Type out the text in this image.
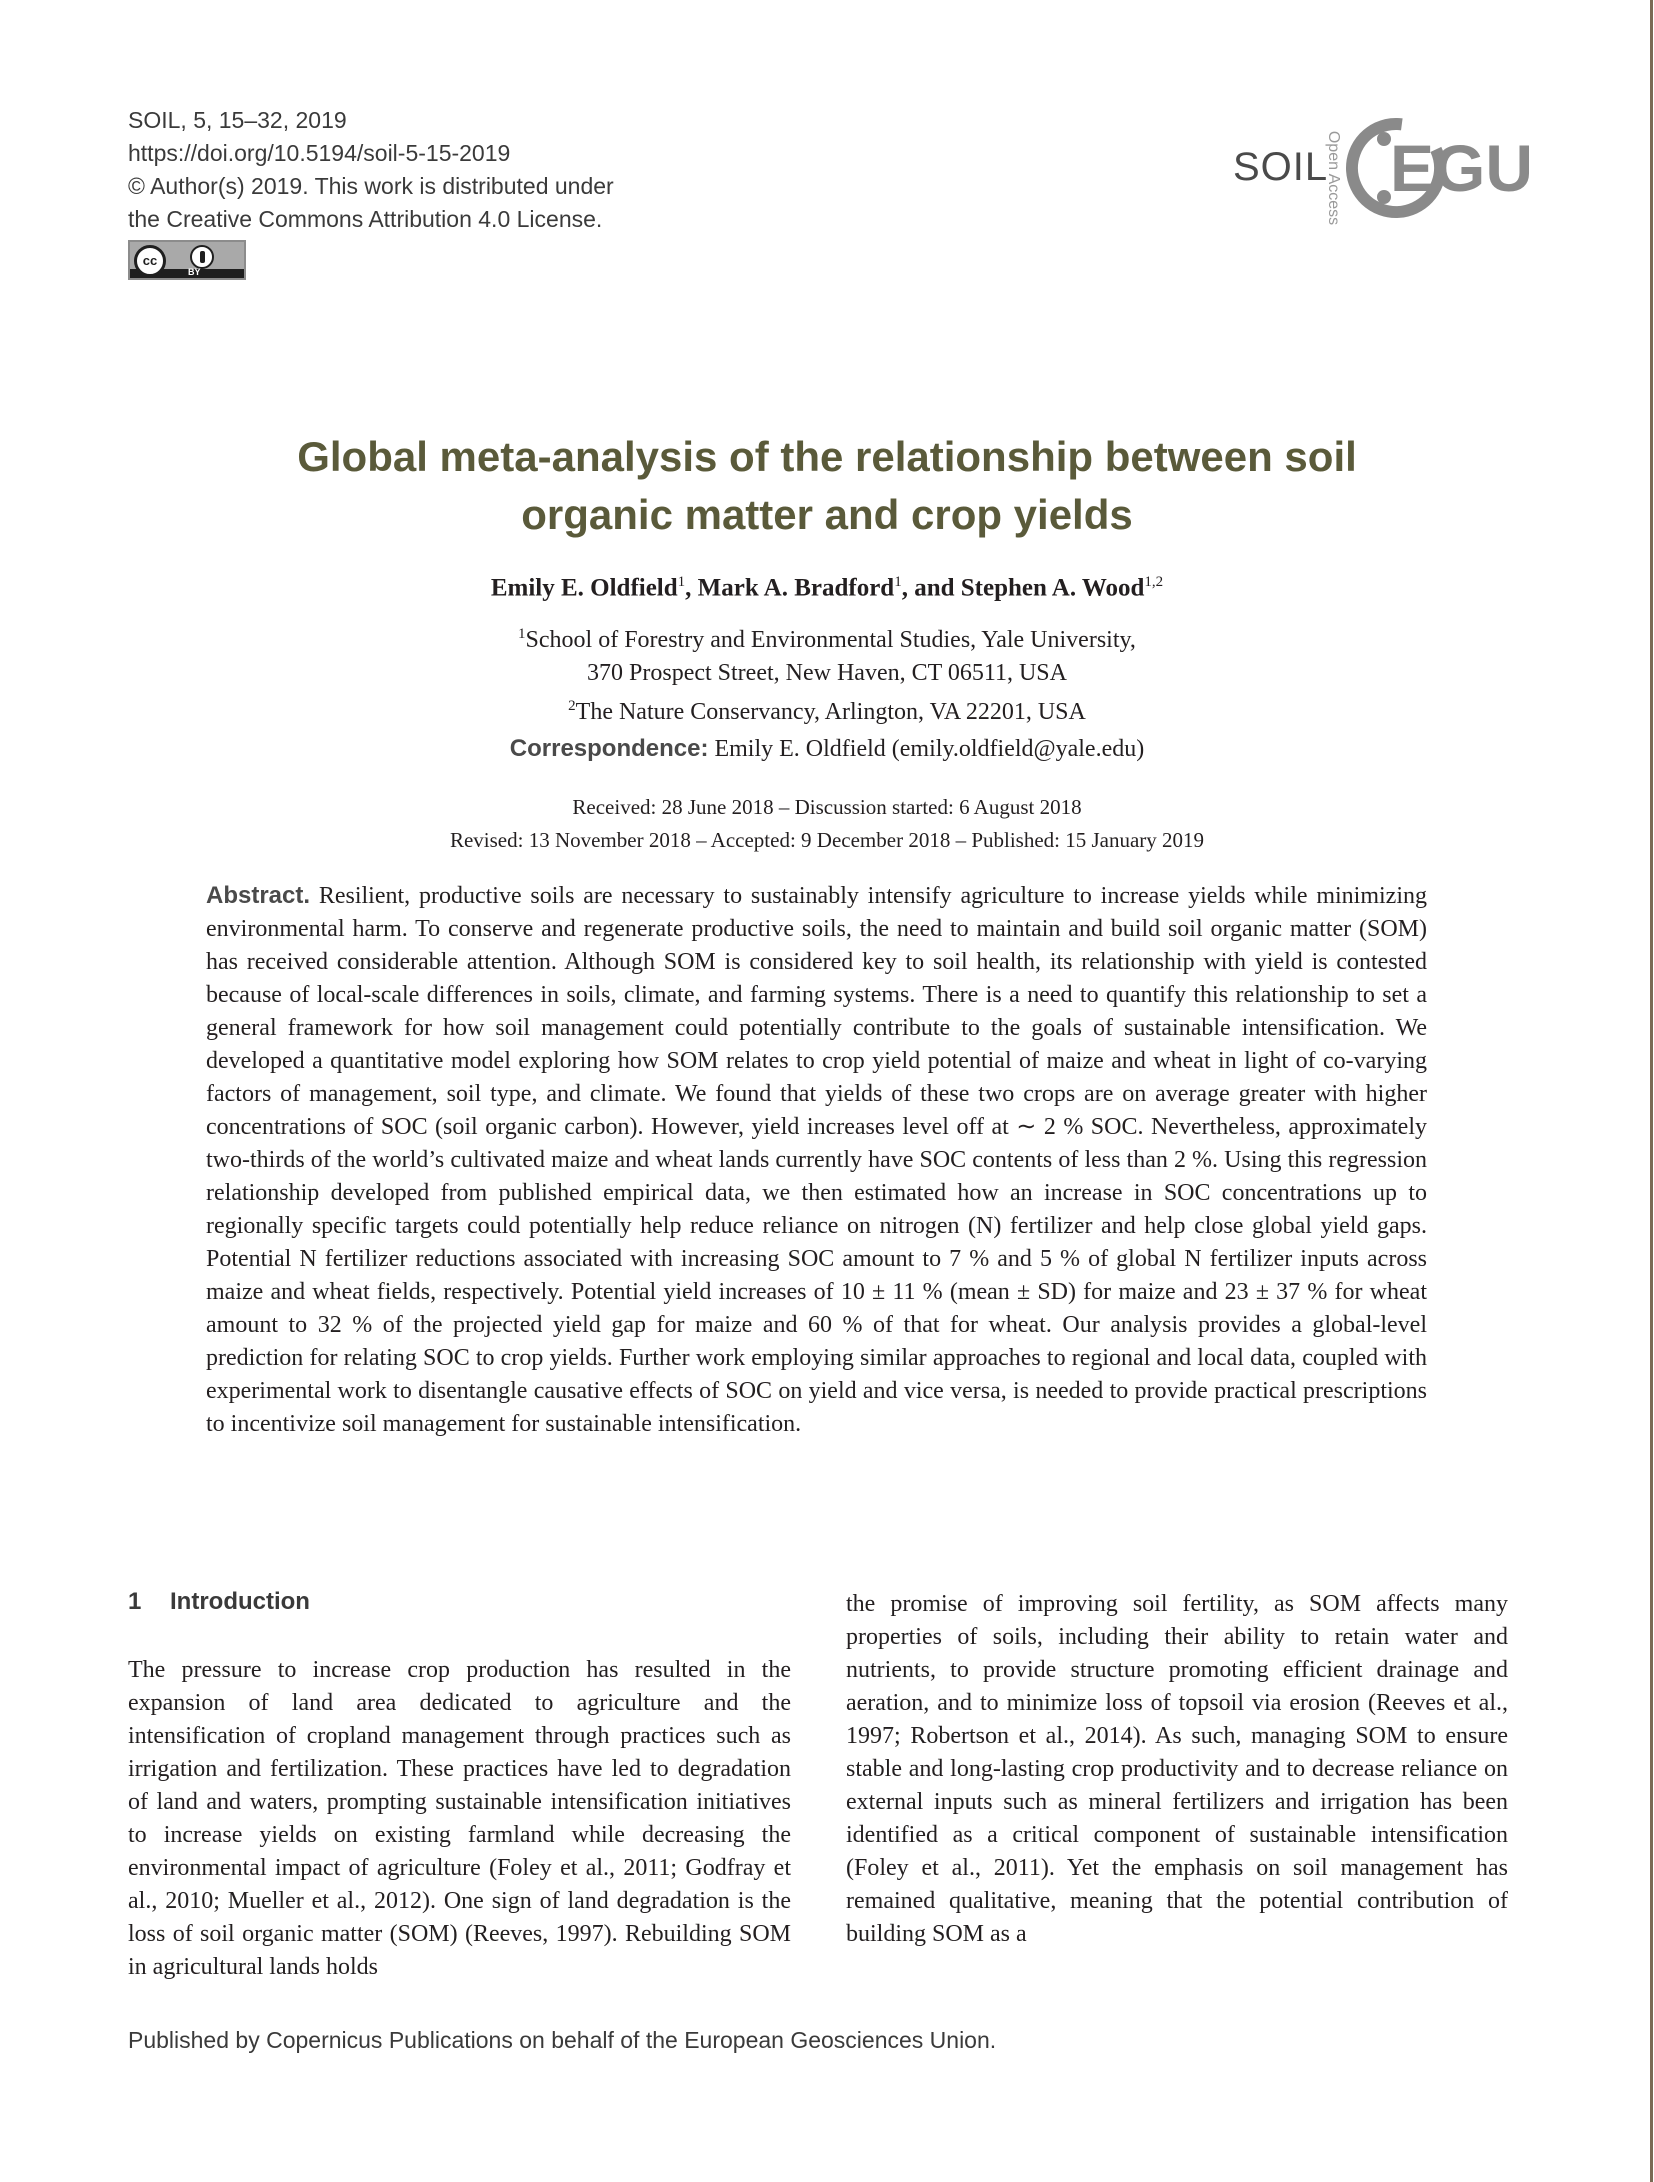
SOIL, 5, 15–32, 2019
https://doi.org/10.5194/soil-5-15-2019
© Author(s) 2019. This work is distributed under
the Creative Commons Attribution 4.0 License.
cc
BY
SOIL
Open Access EGU
Global meta-analysis of the relationship between soil
organic matter and crop yields
Emily E. Oldfield$^1$, Mark A. Bradford$^1$, and Stephen A. Wood$^{1,2}$
$^1$School of Forestry and Environmental Studies, Yale University,
370 Prospect Street, New Haven, CT 06511, USA
$^2$The Nature Conservancy, Arlington, VA 22201, USA
Correspondence: Emily E. Oldfield (emily.oldfield@yale.edu)
Received: 28 June 2018 – Discussion started: 6 August 2018
Revised: 13 November 2018 – Accepted: 9 December 2018 – Published: 15 January 2019
Abstract. Resilient, productive soils are necessary to sustainably intensify agriculture to increase yields while minimizing environmental harm. To conserve and regenerate productive soils, the need to maintain and build soil organic matter (SOM) has received considerable attention. Although SOM is considered key to soil health, its relationship with yield is contested because of local-scale differences in soils, climate, and farming systems. There is a need to quantify this relationship to set a general framework for how soil management could potentially contribute to the goals of sustainable intensification. We developed a quantitative model exploring how SOM relates to crop yield potential of maize and wheat in light of co-varying factors of management, soil type, and climate. We found that yields of these two crops are on average greater with higher concentrations of SOC (soil organic carbon). However, yield increases level off at ∼ 2 % SOC. Nevertheless, approximately two-thirds of the world’s cultivated maize and wheat lands currently have SOC contents of less than 2 %. Using this regression relationship developed from published empirical data, we then estimated how an increase in SOC concentrations up to regionally specific targets could potentially help reduce reliance on nitrogen (N) fertilizer and help close global yield gaps. Potential N fertilizer reductions associated with increasing SOC amount to 7 % and 5 % of global N fertilizer inputs across maize and wheat fields, respectively. Potential yield increases of 10 ± 11 % (mean ± SD) for maize and 23 ± 37 % for wheat amount to 32 % of the projected yield gap for maize and 60 % of that for wheat. Our analysis provides a global-level prediction for relating SOC to crop yields. Further work employing similar approaches to regional and local data, coupled with experimental work to disentangle causative effects of SOC on yield and vice versa, is needed to provide practical prescriptions to incentivize soil management for sustainable intensification.
1 Introduction
The pressure to increase crop production has resulted in the expansion of land area dedicated to agriculture and the intensification of cropland management through practices such as irrigation and fertilization. These practices have led to degradation of land and waters, prompting sustainable intensification initiatives to increase yields on existing farmland while decreasing the environmental impact of agriculture (Foley et al., 2011; Godfray et al., 2010; Mueller et al., 2012). One sign of land degradation is the loss of soil organic matter (SOM) (Reeves, 1997). Rebuilding SOM in agricultural lands holds
the promise of improving soil fertility, as SOM affects many properties of soils, including their ability to retain water and nutrients, to provide structure promoting efficient drainage and aeration, and to minimize loss of topsoil via erosion (Reeves et al., 1997; Robertson et al., 2014). As such, managing SOM to ensure stable and long-lasting crop productivity and to decrease reliance on external inputs such as mineral fertilizers and irrigation has been identified as a critical component of sustainable intensification (Foley et al., 2011). Yet the emphasis on soil management has remained qualitative, meaning that the potential contribution of building SOM as a
Published by Copernicus Publications on behalf of the European Geosciences Union.
